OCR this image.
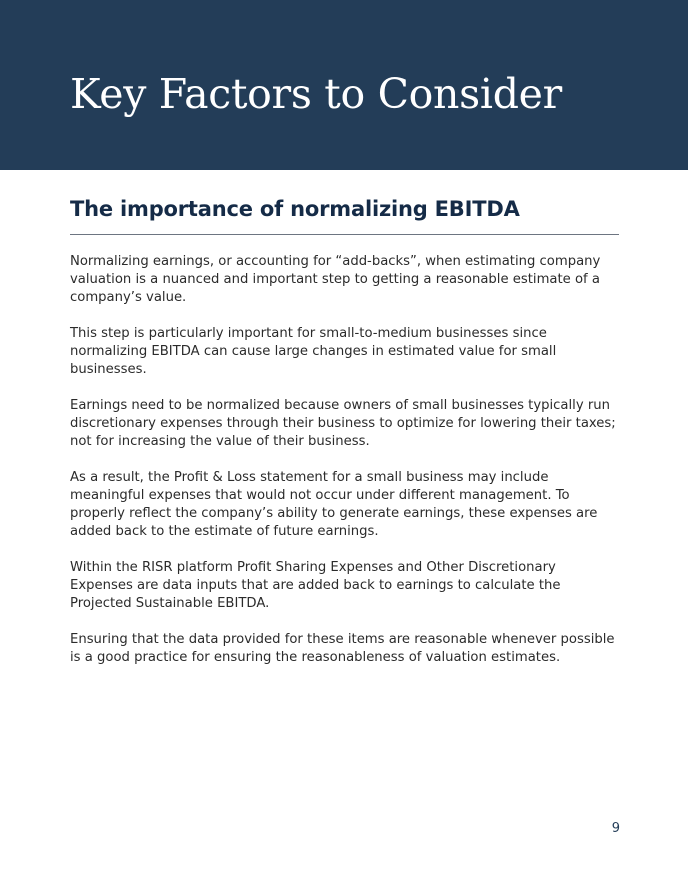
Key Factors to Consider
The importance of normalizing EBITDA

Normalizing earnings, or accounting for “add-backs”, when estimating company valuation is a nuanced and important step to getting a reasonable estimate of a company’s value.

This step is particularly important for small-to-medium businesses since normalizing EBITDA can cause large changes in estimated value for small businesses.

Earnings need to be normalized because owners of small businesses typically run discretionary expenses through their business to optimize for lowering their taxes; not for increasing the value of their business.

As a result, the Profit & Loss statement for a small business may include meaningful expenses that would not occur under different management. To properly reflect the company’s ability to generate earnings, these expenses are added back to the estimate of future earnings.

Within the RISR platform Profit Sharing Expenses and Other Discretionary Expenses are data inputs that are added back to earnings to calculate the Projected Sustainable EBITDA.

Ensuring that the data provided for these items are reasonable whenever possible is a good practice for ensuring the reasonableness of valuation estimates.

9
